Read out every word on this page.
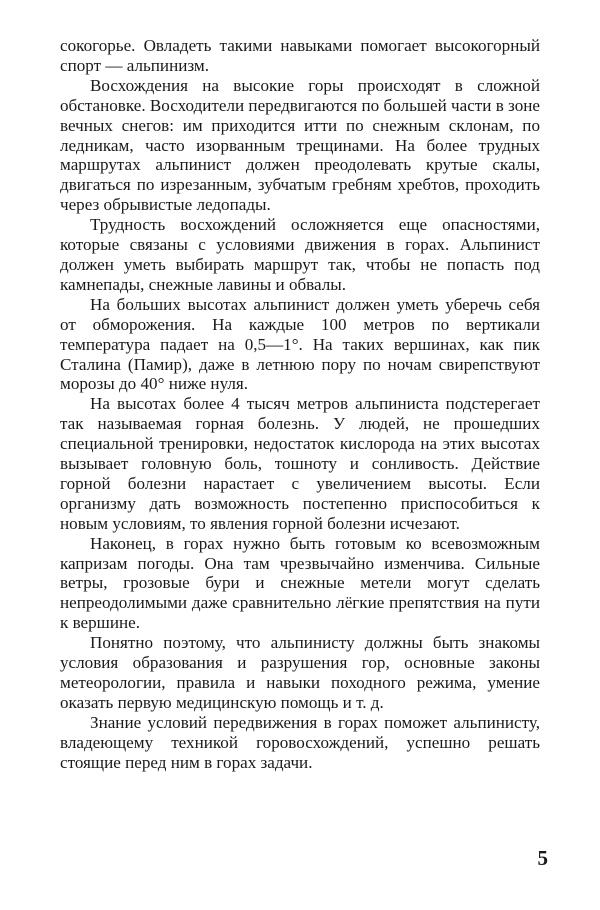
сокогорье. Овладеть такими навыками помогает высокогорный спорт — альпинизм.

Восхождения на высокие горы происходят в сложной обстановке. Восходители передвигаются по большей части в зоне вечных снегов: им приходится итти по снежным склонам, по ледникам, часто изорванным трещинами. На более трудных маршрутах альпинист должен преодолевать крутые скалы, двигаться по изрезанным, зубчатым гребням хребтов, проходить через обрывистые ледопады.

Трудность восхождений осложняется еще опасностями, которые связаны с условиями движения в горах. Альпинист должен уметь выбирать маршрут так, чтобы не попасть под камнепады, снежные лавины и обвалы.

На больших высотах альпинист должен уметь уберечь себя от обморожения. На каждые 100 метров по вертикали температура падает на 0,5—1°. На таких вершинах, как пик Сталина (Памир), даже в летнюю пору по ночам свирепствуют морозы до 40° ниже нуля.

На высотах более 4 тысяч метров альпиниста подстерегает так называемая горная болезнь. У людей, не прошедших специальной тренировки, недостаток кислорода на этих высотах вызывает головную боль, тошноту и сонливость. Действие горной болезни нарастает с увеличением высоты. Если организму дать возможность постепенно приспособиться к новым условиям, то явления горной болезни исчезают.

Наконец, в горах нужно быть готовым ко всевозможным капризам погоды. Она там чрезвычайно изменчива. Сильные ветры, грозовые бури и снежные метели могут сделать непреодолимыми даже сравнительно лёгкие препятствия на пути к вершине.

Понятно поэтому, что альпинисту должны быть знакомы условия образования и разрушения гор, основные законы метеорологии, правила и навыки походного режима, умение оказать первую медицинскую помощь и т. д.

Знание условий передвижения в горах поможет альпинисту, владеющему техникой горовосхождений, успешно решать стоящие перед ним в горах задачи.

5
